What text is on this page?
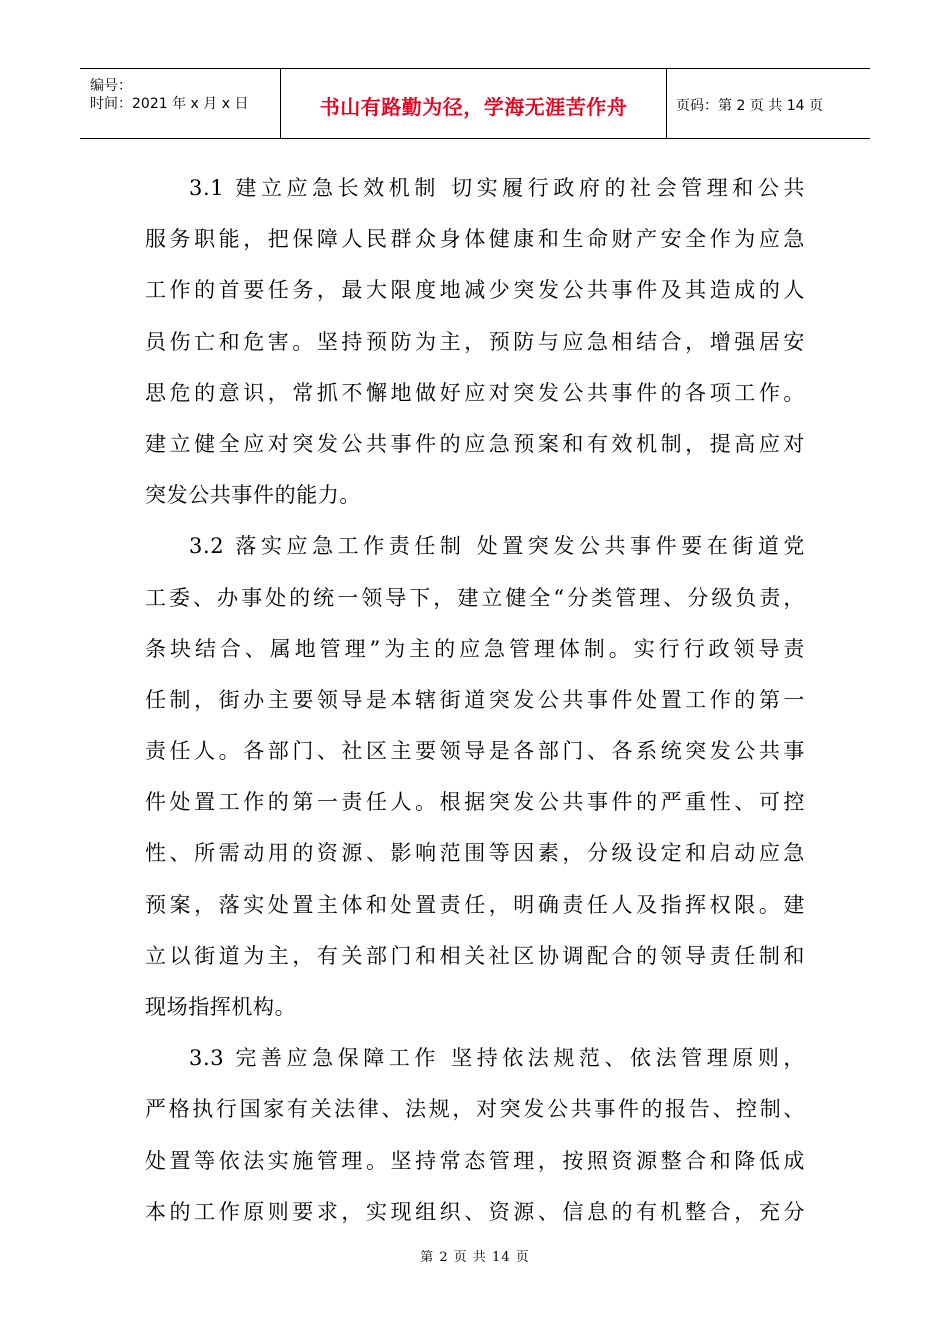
编号：
时间：2021 年 x 月 x 日	书山有路勤为径，学海无涯苦作舟	页码：第 2 页 共 14 页
3.1 建立应急长效机制 切实履行政府的社会管理和公共
服务职能，把保障人民群众身体健康和生命财产安全作为应急
工作的首要任务，最大限度地减少突发公共事件及其造成的人
员伤亡和危害。坚持预防为主，预防与应急相结合，增强居安
思危的意识，常抓不懈地做好应对突发公共事件的各项工作。
建立健全应对突发公共事件的应急预案和有效机制，提高应对
突发公共事件的能力。
3.2 落实应急工作责任制 处置突发公共事件要在街道党
工委、办事处的统一领导下，建立健全“分类管理、分级负责，
条块结合、属地管理”为主的应急管理体制。实行行政领导责
任制，街办主要领导是本辖街道突发公共事件处置工作的第一
责任人。各部门、社区主要领导是各部门、各系统突发公共事
件处置工作的第一责任人。根据突发公共事件的严重性、可控
性、所需动用的资源、影响范围等因素，分级设定和启动应急
预案，落实处置主体和处置责任，明确责任人及指挥权限。建
立以街道为主，有关部门和相关社区协调配合的领导责任制和
现场指挥机构。
3.3 完善应急保障工作 坚持依法规范、依法管理原则，
严格执行国家有关法律、法规，对突发公共事件的报告、控制、
处置等依法实施管理。坚持常态管理，按照资源整合和降低成
本的工作原则要求，实现组织、资源、信息的有机整合，充分
第 2 页 共 14 页
